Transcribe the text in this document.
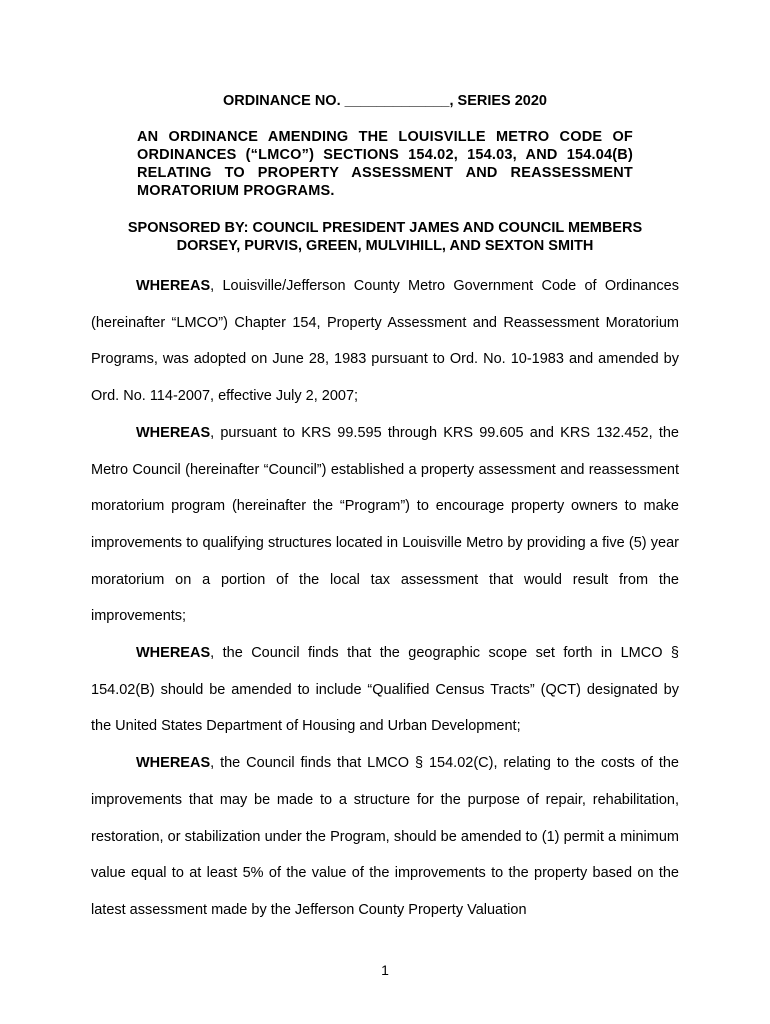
ORDINANCE NO. _____________, SERIES 2020
AN ORDINANCE AMENDING THE LOUISVILLE METRO CODE OF ORDINANCES (“LMCO”) SECTIONS 154.02, 154.03, AND 154.04(B) RELATING TO PROPERTY ASSESSMENT AND REASSESSMENT MORATORIUM PROGRAMS.
SPONSORED BY: COUNCIL PRESIDENT JAMES AND COUNCIL MEMBERS
DORSEY, PURVIS, GREEN, MULVIHILL, AND SEXTON SMITH

WHEREAS, Louisville/Jefferson County Metro Government Code of Ordinances (hereinafter “LMCO”) Chapter 154, Property Assessment and Reassessment Moratorium Programs, was adopted on June 28, 1983 pursuant to Ord. No. 10-1983 and amended by Ord. No. 114-2007, effective July 2, 2007;

WHEREAS, pursuant to KRS 99.595 through KRS 99.605 and KRS 132.452, the Metro Council (hereinafter “Council”) established a property assessment and reassessment moratorium program (hereinafter the “Program”) to encourage property owners to make improvements to qualifying structures located in Louisville Metro by providing a five (5) year moratorium on a portion of the local tax assessment that would result from the improvements;

WHEREAS, the Council finds that the geographic scope set forth in LMCO § 154.02(B) should be amended to include “Qualified Census Tracts” (QCT) designated by the United States Department of Housing and Urban Development;

WHEREAS, the Council finds that LMCO § 154.02(C), relating to the costs of the improvements that may be made to a structure for the purpose of repair, rehabilitation, restoration, or stabilization under the Program, should be amended to (1) permit a minimum value equal to at least 5% of the value of the improvements to the property based on the latest assessment made by the Jefferson County Property Valuation

1
